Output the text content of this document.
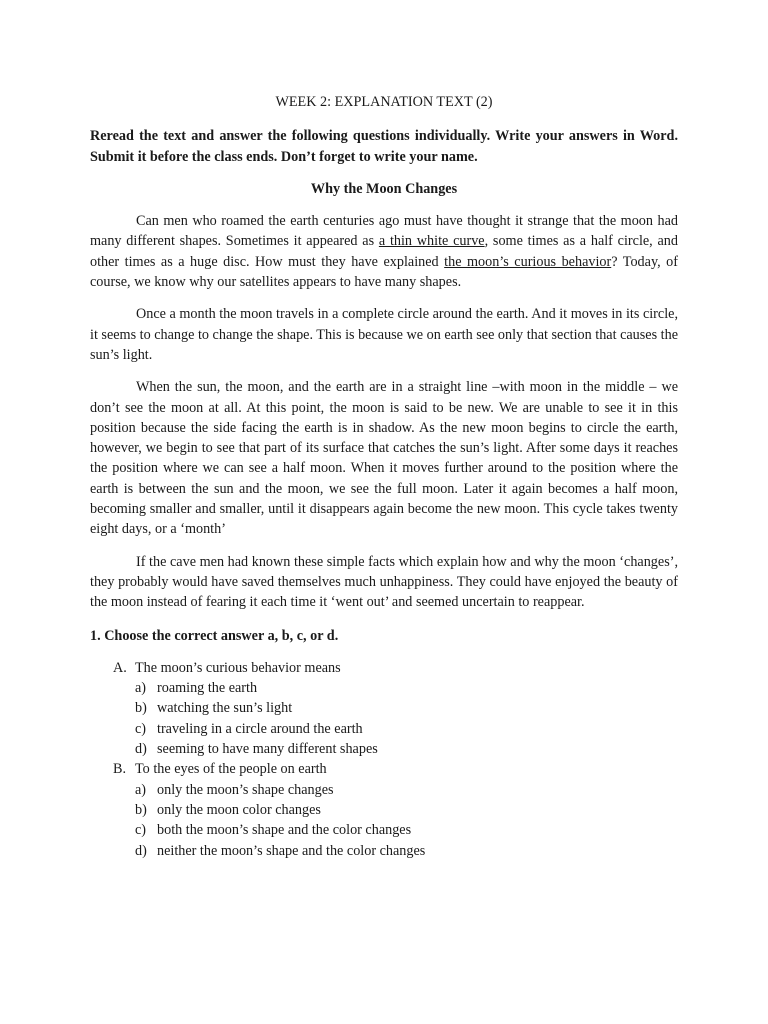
WEEK 2: EXPLANATION TEXT (2)
Reread the text and answer the following questions individually. Write your answers in Word. Submit it before the class ends. Don’t forget to write your name.
Why the Moon Changes

Can men who roamed the earth centuries ago must have thought it strange that the moon had many different shapes. Sometimes it appeared as a thin white curve, some times as a half circle, and other times as a huge disc. How must they have explained the moon’s curious behavior? Today, of course, we know why our satellites appears to have many shapes.

Once a month the moon travels in a complete circle around the earth. And it moves in its circle, it seems to change to change the shape. This is because we on earth see only that section that causes the sun’s light.

When the sun, the moon, and the earth are in a straight line –with moon in the middle – we don’t see the moon at all. At this point, the moon is said to be new. We are unable to see it in this position because the side facing the earth is in shadow. As the new moon begins to circle the earth, however, we begin to see that part of its surface that catches the sun’s light. After some days it reaches the position where we can see a half moon. When it moves further around to the position where the earth is between the sun and the moon, we see the full moon. Later it again becomes a half moon, becoming smaller and smaller, until it disappears again become the new moon. This cycle takes twenty eight days, or a ‘month’

If the cave men had known these simple facts which explain how and why the moon ‘changes’, they probably would have saved themselves much unhappiness. They could have enjoyed the beauty of the moon instead of fearing it each time it ‘went out’ and seemed uncertain to reappear.

1. Choose the correct answer a, b, c, or d.
A. The moon’s curious behavior means
a) roaming the earth
b) watching the sun’s light
c) traveling in a circle around the earth
d) seeming to have many different shapes
B. To the eyes of the people on earth
a) only the moon’s shape changes
b) only the moon color changes
c) both the moon’s shape and the color changes
d) neither the moon’s shape and the color changes
